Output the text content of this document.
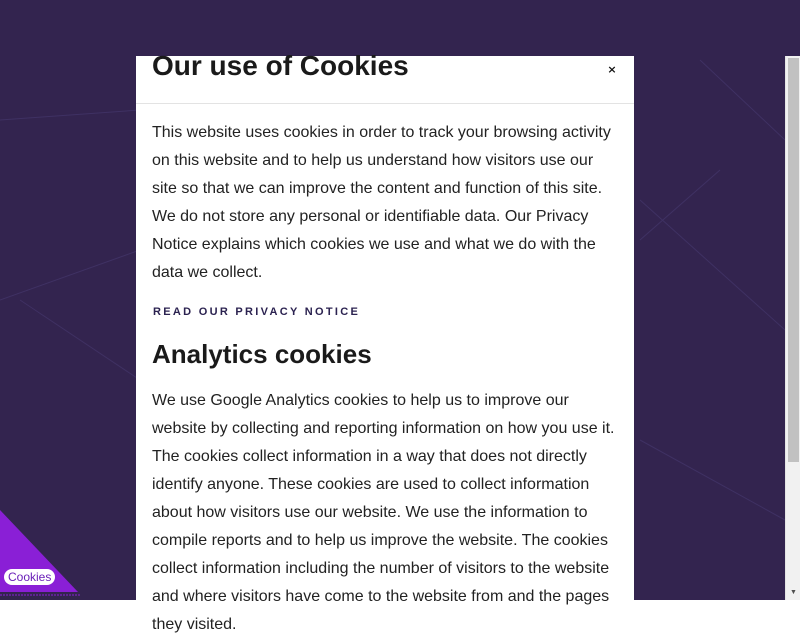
Our use of Cookies	×

This website uses cookies in order to track your browsing activity on this website and to help us understand how visitors use our site so that we can improve the content and function of this site. We do not store any personal or identifiable data. Our Privacy Notice explains which cookies we use and what we do with the data we collect.

READ OUR PRIVACY NOTICE
Analytics cookies

We use Google Analytics cookies to help us to improve our website by collecting and reporting information on how you use it. The cookies collect information in a way that does not directly identify anyone. These cookies are used to collect information about how visitors use our website. We use the information to compile reports and to help us improve the website. The cookies collect information including the number of visitors to the website and where visitors have come to the website from and the pages they visited.

▼
Cookies
